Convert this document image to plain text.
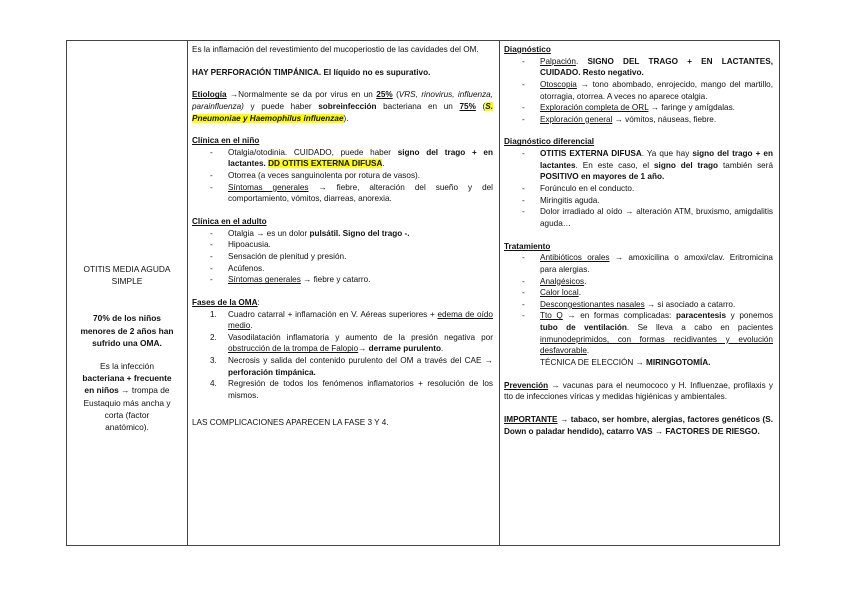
OTITIS MEDIA AGUDA
SIMPLE

70% de los niños
menores de 2 años han
sufrido una OMA.

Es la infección
bacteriana + frecuente
en niños → trompa de
Eustaquio más ancha y
corta (factor
anatómico).

Es la inflamación del revestimiento del mucoperiostio de las cavidades del OM.

HAY PERFORACIÓN TIMPÁNICA. El líquido no es supurativo.

Etiología →Normalmente se da por virus en un 25% (VRS, rinovirus, influenza, parainfluenza) y puede haber sobreinfección bacteriana en un 75% (S. Pneumoniae y Haemophilus influenzae).

Clínica en el niño

- Otalgia/otodinia. CUIDADO, puede haber signo del trago + en lactantes. DD OTITIS EXTERNA DIFUSA.
- Otorrea (a veces sanguinolenta por rotura de vasos).
- Síntomas generales → fiebre, alteración del sueño y del comportamiento, vómitos, diarreas, anorexia.

Clínica en el adulto

- Otalgia → es un dolor pulsátil. Signo del trago -.
- Hipoacusia.
- Sensación de plenitud y presión.
- Acúfenos.
- Síntomas generales → fiebre y catarro.

Fases de la OMA:

1. Cuadro catarral + inflamación en V. Aéreas superiores + edema de oído medio.
2. Vasodilatación inflamatoria y aumento de la presión negativa por obstrucción de la trompa de Falopio→ derrame purulento.
3. Necrosis y salida del contenido purulento del OM a través del CAE → perforación timpánica.
4. Regresión de todos los fenómenos inflamatorios + resolución de los mismos.

LAS COMPLICACIONES APARECEN LA FASE 3 Y 4.

Diagnóstico

- Palpación. SIGNO DEL TRAGO + EN LACTANTES, CUIDADO. Resto negativo.
- Otoscopia → tono abombado, enrojecido, mango del martillo, otorragia, otorrea. A veces no aparece otalgia.
- Exploración completa de ORL → faringe y amígdalas.
- Exploración general → vómitos, náuseas, fiebre.

Diagnóstico diferencial

- OTITIS EXTERNA DIFUSA. Ya que hay signo del trago + en lactantes. En este caso, el signo del trago también será POSITIVO en mayores de 1 año.
- Forúnculo en el conducto.
- Miringitis aguda.
- Dolor irradiado al oído → alteración ATM, bruxismo, amigdalitis aguda…

Tratamiento

- Antibióticos orales → amoxicilina o amoxi/clav. Eritromicina para alergias.
- Analgésicos.
- Calor local.
- Descongestionantes nasales → si asociado a catarro.
- Tto Q → en formas complicadas: paracentesis y ponemos tubo de ventilación. Se lleva a cabo en pacientes inmunodeprimidos, con formas recidivantes y evolución desfavorable.
TÉCNICA DE ELECCIÓN → MIRINGOTOMÍA.

Prevención → vacunas para el neumococo y H. Influenzae, profilaxis y tto de infecciones víricas y medidas higiénicas y ambientales.

IMPORTANTE → tabaco, ser hombre, alergias, factores genéticos (S. Down o paladar hendido), catarro VAS → FACTORES DE RIESGO.
